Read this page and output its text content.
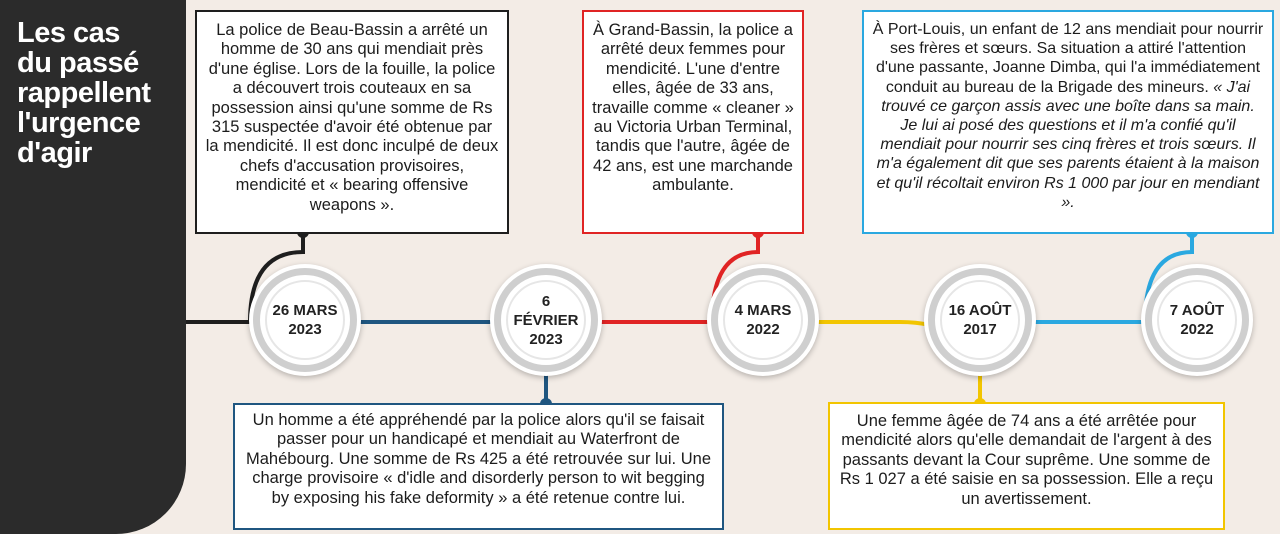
Les cas
du passé
rappellent
l'urgence
d'agir
La police de Beau-Bassin a arrêté un homme de 30 ans qui mendiait près d'une église. Lors de la fouille, la police a découvert trois couteaux en sa possession ainsi qu'une somme de Rs 315 suspectée d'avoir été obtenue par la mendicité. Il est donc inculpé de deux chefs d'accusation provisoires, mendicité et « bearing offensive weapons ».
Un homme a été appréhendé par la police alors qu'il se faisait passer pour un handicapé et mendiait au Waterfront de Mahébourg. Une somme de Rs 425 a été retrouvée sur lui. Une charge provisoire « d'idle and disorderly person to wit begging by exposing his fake deformity » a été retenue contre lui.
À Grand-Bassin, la police a arrêté deux femmes pour mendicité. L'une d'entre elles, âgée de 33 ans, travaille comme « cleaner » au Victoria Urban Terminal, tandis que l'autre, âgée de 42 ans, est une marchande ambulante.
Une femme âgée de 74 ans a été arrêtée pour mendicité alors qu'elle demandait de l'argent à des passants devant la Cour suprême. Une somme de Rs 1 027 a été saisie en sa possession. Elle a reçu un avertissement.
À Port-Louis, un enfant de 12 ans mendiait pour nourrir ses frères et sœurs. Sa situation a attiré l'attention d'une passante, Joanne Dimba, qui l'a immédiatement conduit au bureau de la Brigade des mineurs. « J'ai trouvé ce garçon assis avec une boîte dans sa main. Je lui ai posé des questions et il m'a confié qu'il mendiait pour nourrir ses cinq frères et trois sœurs. Il m'a également dit que ses parents étaient à la maison et qu'il récoltait environ Rs 1 000 par jour en mendiant ».
26 MARS
2023
6
FÉVRIER
2023
4 MARS
2022
16 AOÛT
2017
7 AOÛT
2022
